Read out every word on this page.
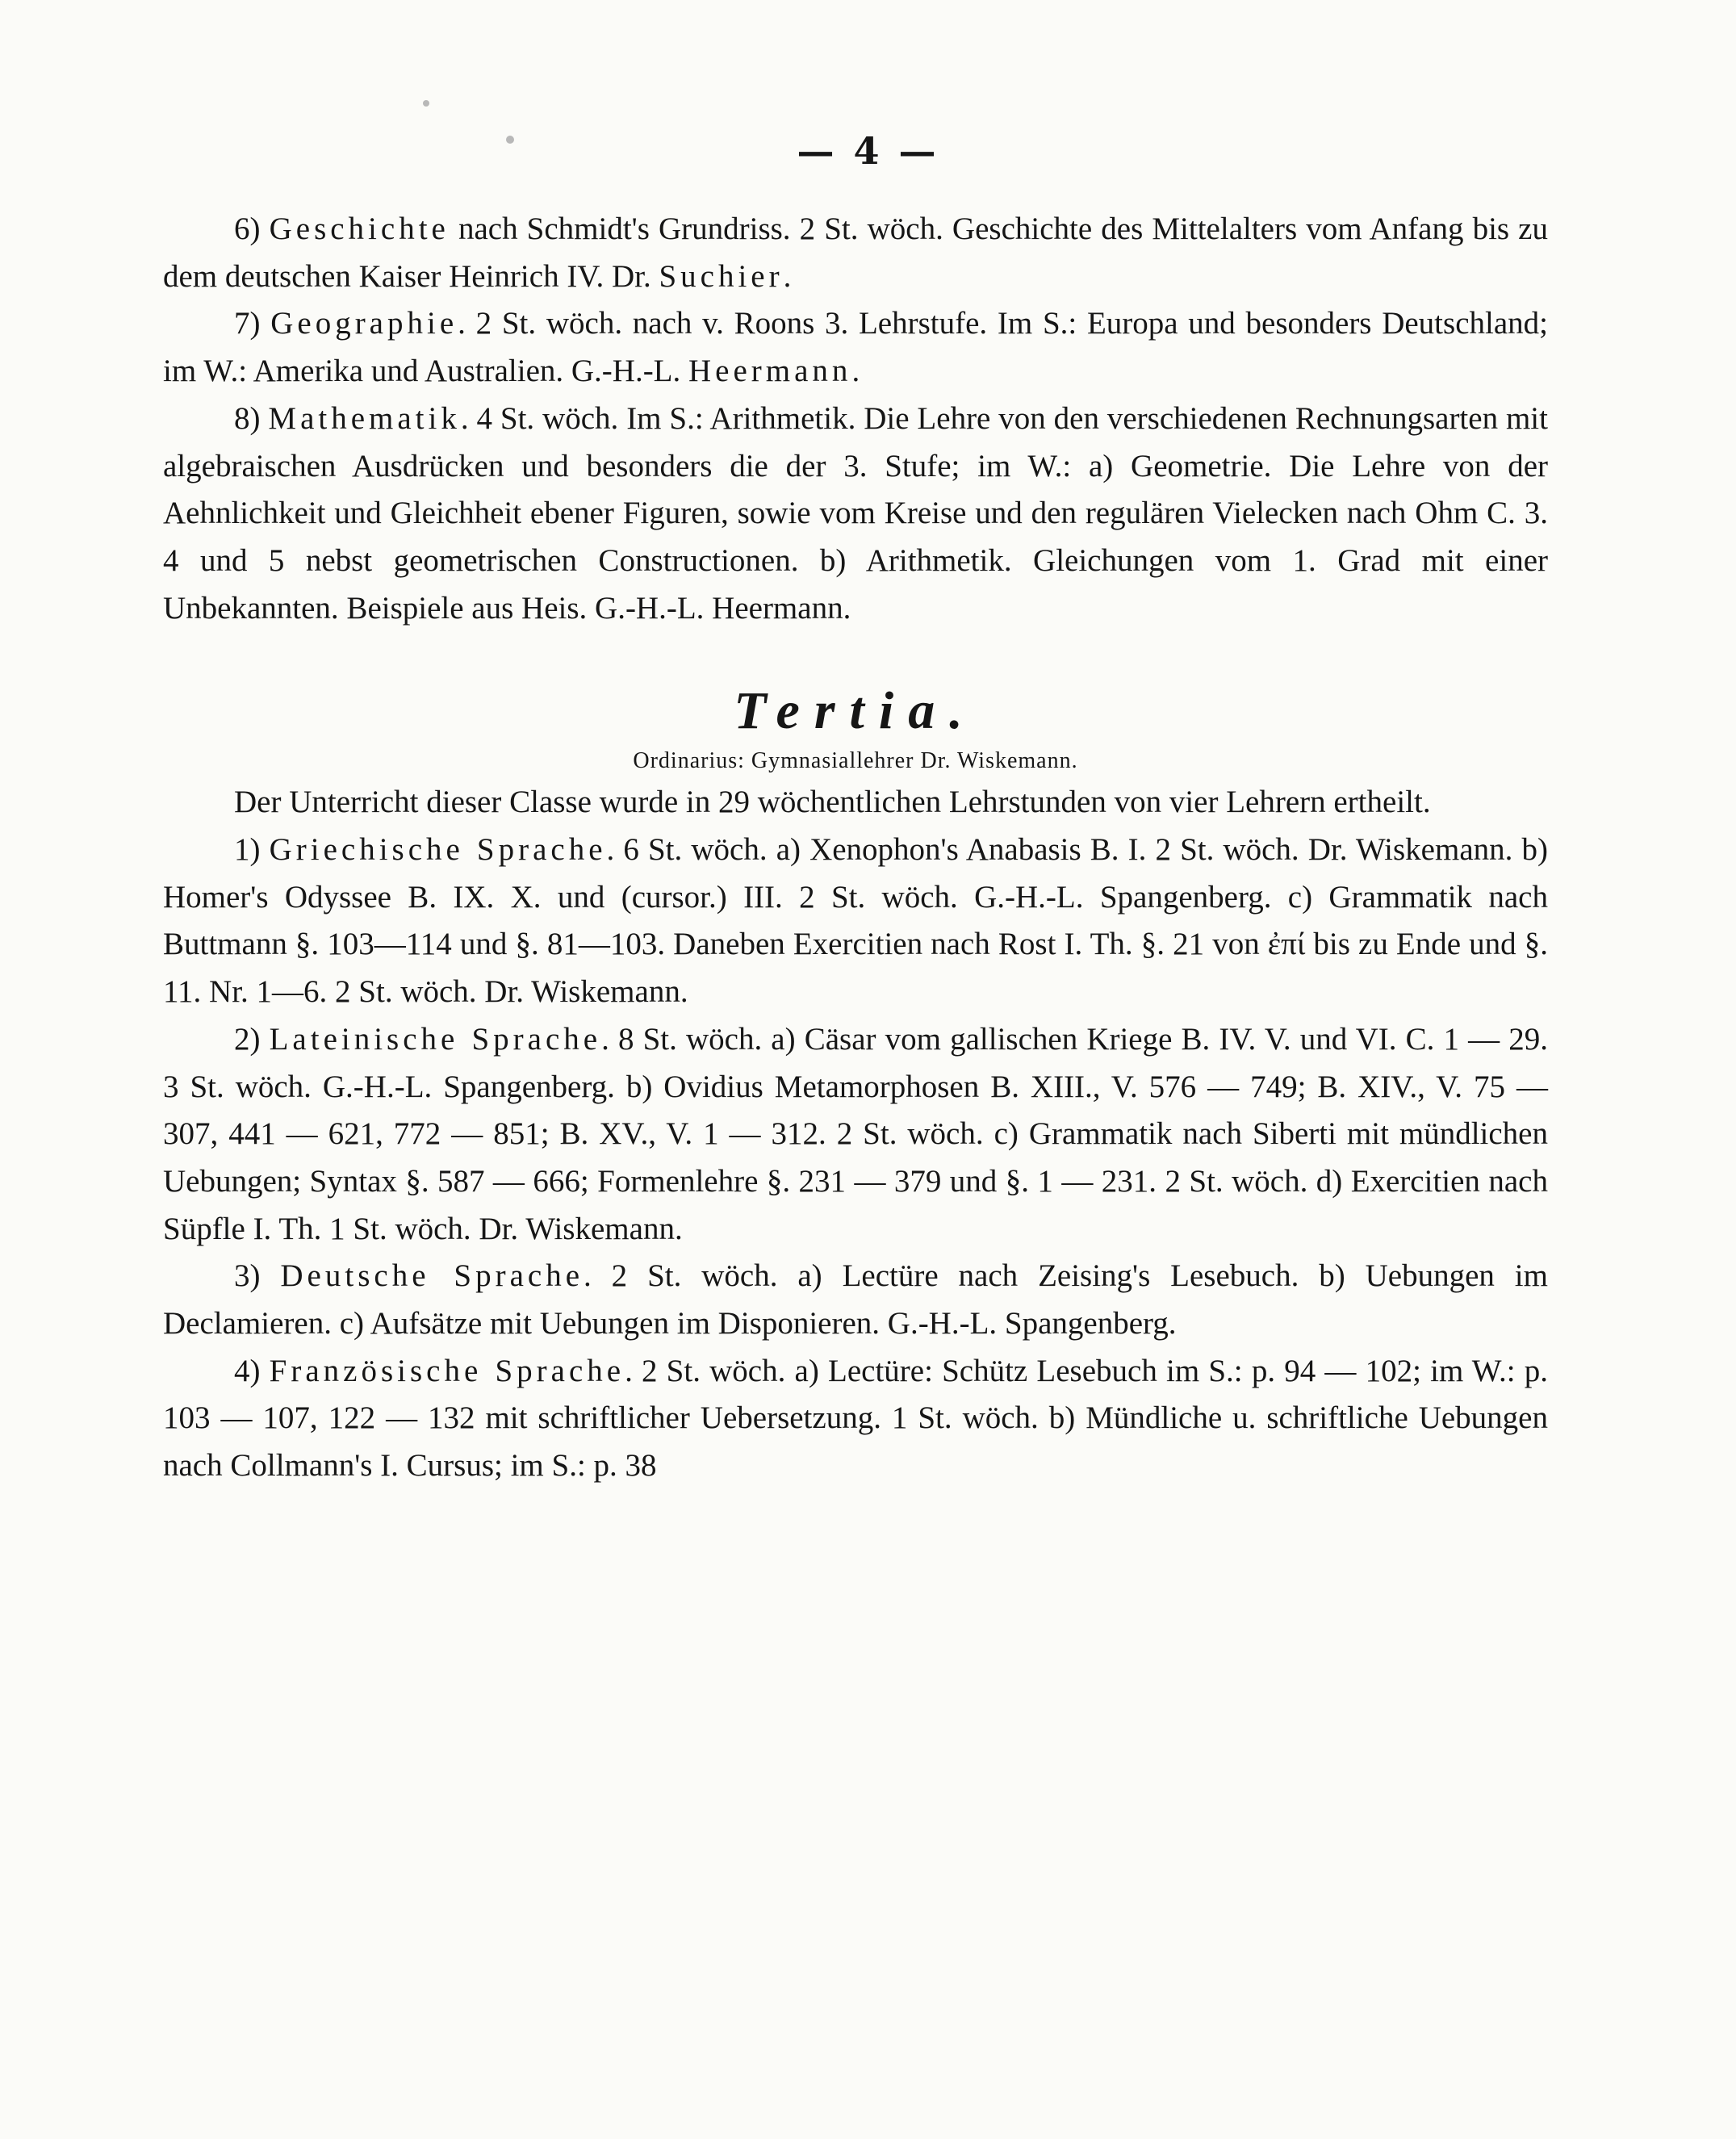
— 4 —

6) Geschichte nach Schmidt's Grundriss. 2 St. wöch. Geschichte des Mittelalters vom Anfang bis zu dem deutschen Kaiser Heinrich IV. Dr. Suchier.

7) Geographie. 2 St. wöch. nach v. Roons 3. Lehrstufe. Im S.: Europa und besonders Deutschland; im W.: Amerika und Australien. G.-H.-L. Heermann.

8) Mathematik. 4 St. wöch. Im S.: Arithmetik. Die Lehre von den verschiedenen Rechnungsarten mit algebraischen Ausdrücken und besonders die der 3. Stufe; im W.: a) Geometrie. Die Lehre von der Aehnlichkeit und Gleichheit ebener Figuren, sowie vom Kreise und den regulären Vielecken nach Ohm C. 3. 4 und 5 nebst geometrischen Constructionen. b) Arithmetik. Gleichungen vom 1. Grad mit einer Unbekannten. Beispiele aus Heis. G.-H.-L. Heermann.

Tertia.

Ordinarius: Gymnasiallehrer Dr. Wiskemann.

Der Unterricht dieser Classe wurde in 29 wöchentlichen Lehrstunden von vier Lehrern ertheilt.

1) Griechische Sprache. 6 St. wöch. a) Xenophon's Anabasis B. I. 2 St. wöch. Dr. Wiskemann. b) Homer's Odyssee B. IX. X. und (cursor.) III. 2 St. wöch. G.-H.-L. Spangenberg. c) Grammatik nach Buttmann §. 103—114 und §. 81—103. Daneben Exercitien nach Rost I. Th. §. 21 von ἐπί bis zu Ende und §. 11. Nr. 1—6. 2 St. wöch. Dr. Wiskemann.

2) Lateinische Sprache. 8 St. wöch. a) Cäsar vom gallischen Kriege B. IV. V. und VI. C. 1 — 29. 3 St. wöch. G.-H.-L. Spangenberg. b) Ovidius Metamorphosen B. XIII., V. 576 — 749; B. XIV., V. 75 — 307, 441 — 621, 772 — 851; B. XV., V. 1 — 312. 2 St. wöch. c) Grammatik nach Siberti mit mündlichen Uebungen; Syntax §. 587 — 666; Formenlehre §. 231 — 379 und §. 1 — 231. 2 St. wöch. d) Exercitien nach Süpfle I. Th. 1 St. wöch. Dr. Wiskemann.

3) Deutsche Sprache. 2 St. wöch. a) Lectüre nach Zeising's Lesebuch. b) Uebungen im Declamieren. c) Aufsätze mit Uebungen im Disponieren. G.-H.-L. Spangenberg.

4) Französische Sprache. 2 St. wöch. a) Lectüre: Schütz Lesebuch im S.: p. 94 — 102; im W.: p. 103 — 107, 122 — 132 mit schriftlicher Uebersetzung. 1 St. wöch. b) Mündliche u. schriftliche Uebungen nach Collmann's I. Cursus; im S.: p. 38
